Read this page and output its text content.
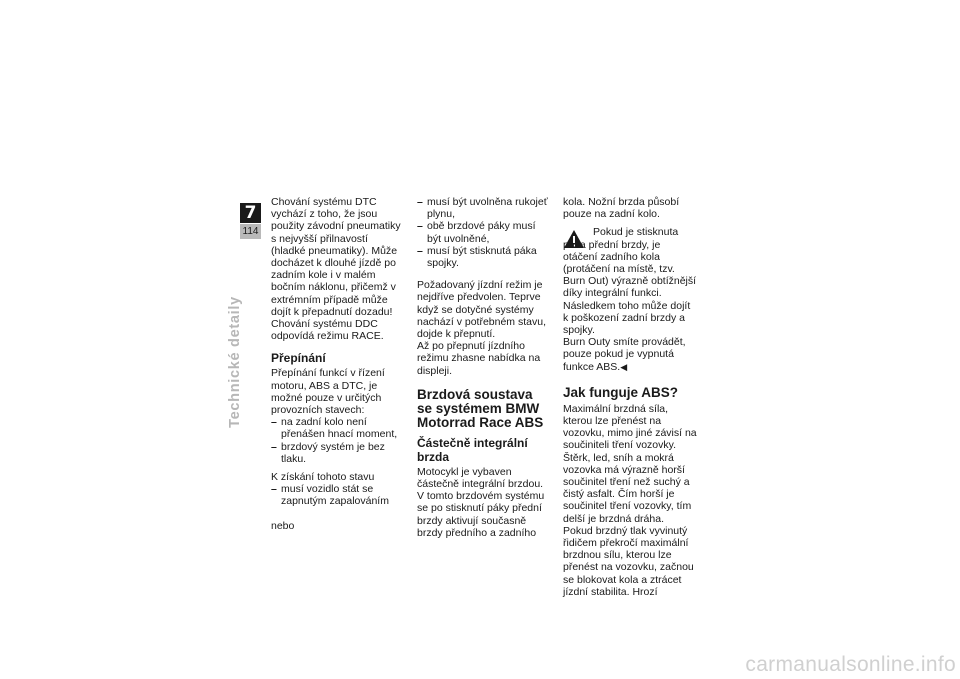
7
114
Technické detaily

Chování systému DTC vychází z toho, že jsou použity závodní pneumatiky s nejvyšší přilnavostí (hladké pneumatiky). Může docházet k dlouhé jízdě po zadním kole i v malém bočním náklonu, přičemž v extrémním případě může dojít k přepadnutí dozadu! Chování systému DDC odpovídá režimu RACE.

Přepínání

Přepínání funkcí v řízení motoru, ABS a DTC, je možné pouze v určitých provozních stavech:

– na zadní kolo není přenášen hnací moment,
– brzdový systém je bez tlaku.

K získání tohoto stavu

– musí vozidlo stát se zapnutým zapalováním

nebo

– musí být uvolněna rukojeť plynu,
– obě brzdové páky musí být uvolněné,
– musí být stisknutá páka spojky.

Požadovaný jízdní režim je nejdříve předvolen. Teprve když se dotyčné systémy nachází v potřebném stavu, dojde k přepnutí.

Až po přepnutí jízdního režimu zhasne nabídka na displeji.

Brzdová soustava se systémem BMW Motorrad Race ABS
Částečně integrální brzda

Motocykl je vybaven částečně integrální brzdou. V tomto brzdovém systému se po stisknutí páky přední brzdy aktivují současně brzdy předního a zadního

kola. Nožní brzda působí pouze na zadní kolo.

Pokud je stisknuta páka přední brzdy, je otáčení zadního kola (protáčení na místě, tzv. Burn Out) výrazně obtížnější díky integrální funkci. Následkem toho může dojít k poškození zadní brzdy a spojky.

Burn Outy smíte provádět, pouze pokud je vypnutá funkce ABS.◀

Jak funguje ABS?

Maximální brzdná síla, kterou lze přenést na vozovku, mimo jiné závisí na součiniteli tření vozovky. Štěrk, led, sníh a mokrá vozovka má výrazně horší součinitel tření než suchý a čistý asfalt. Čím horší je součinitel tření vozovky, tím delší je brzdná dráha.

Pokud brzdný tlak vyvinutý řidičem překročí maximální brzdnou sílu, kterou lze přenést na vozovku, začnou se blokovat kola a ztrácet jízdní stabilita. Hrozí

carmanualsonline.info
